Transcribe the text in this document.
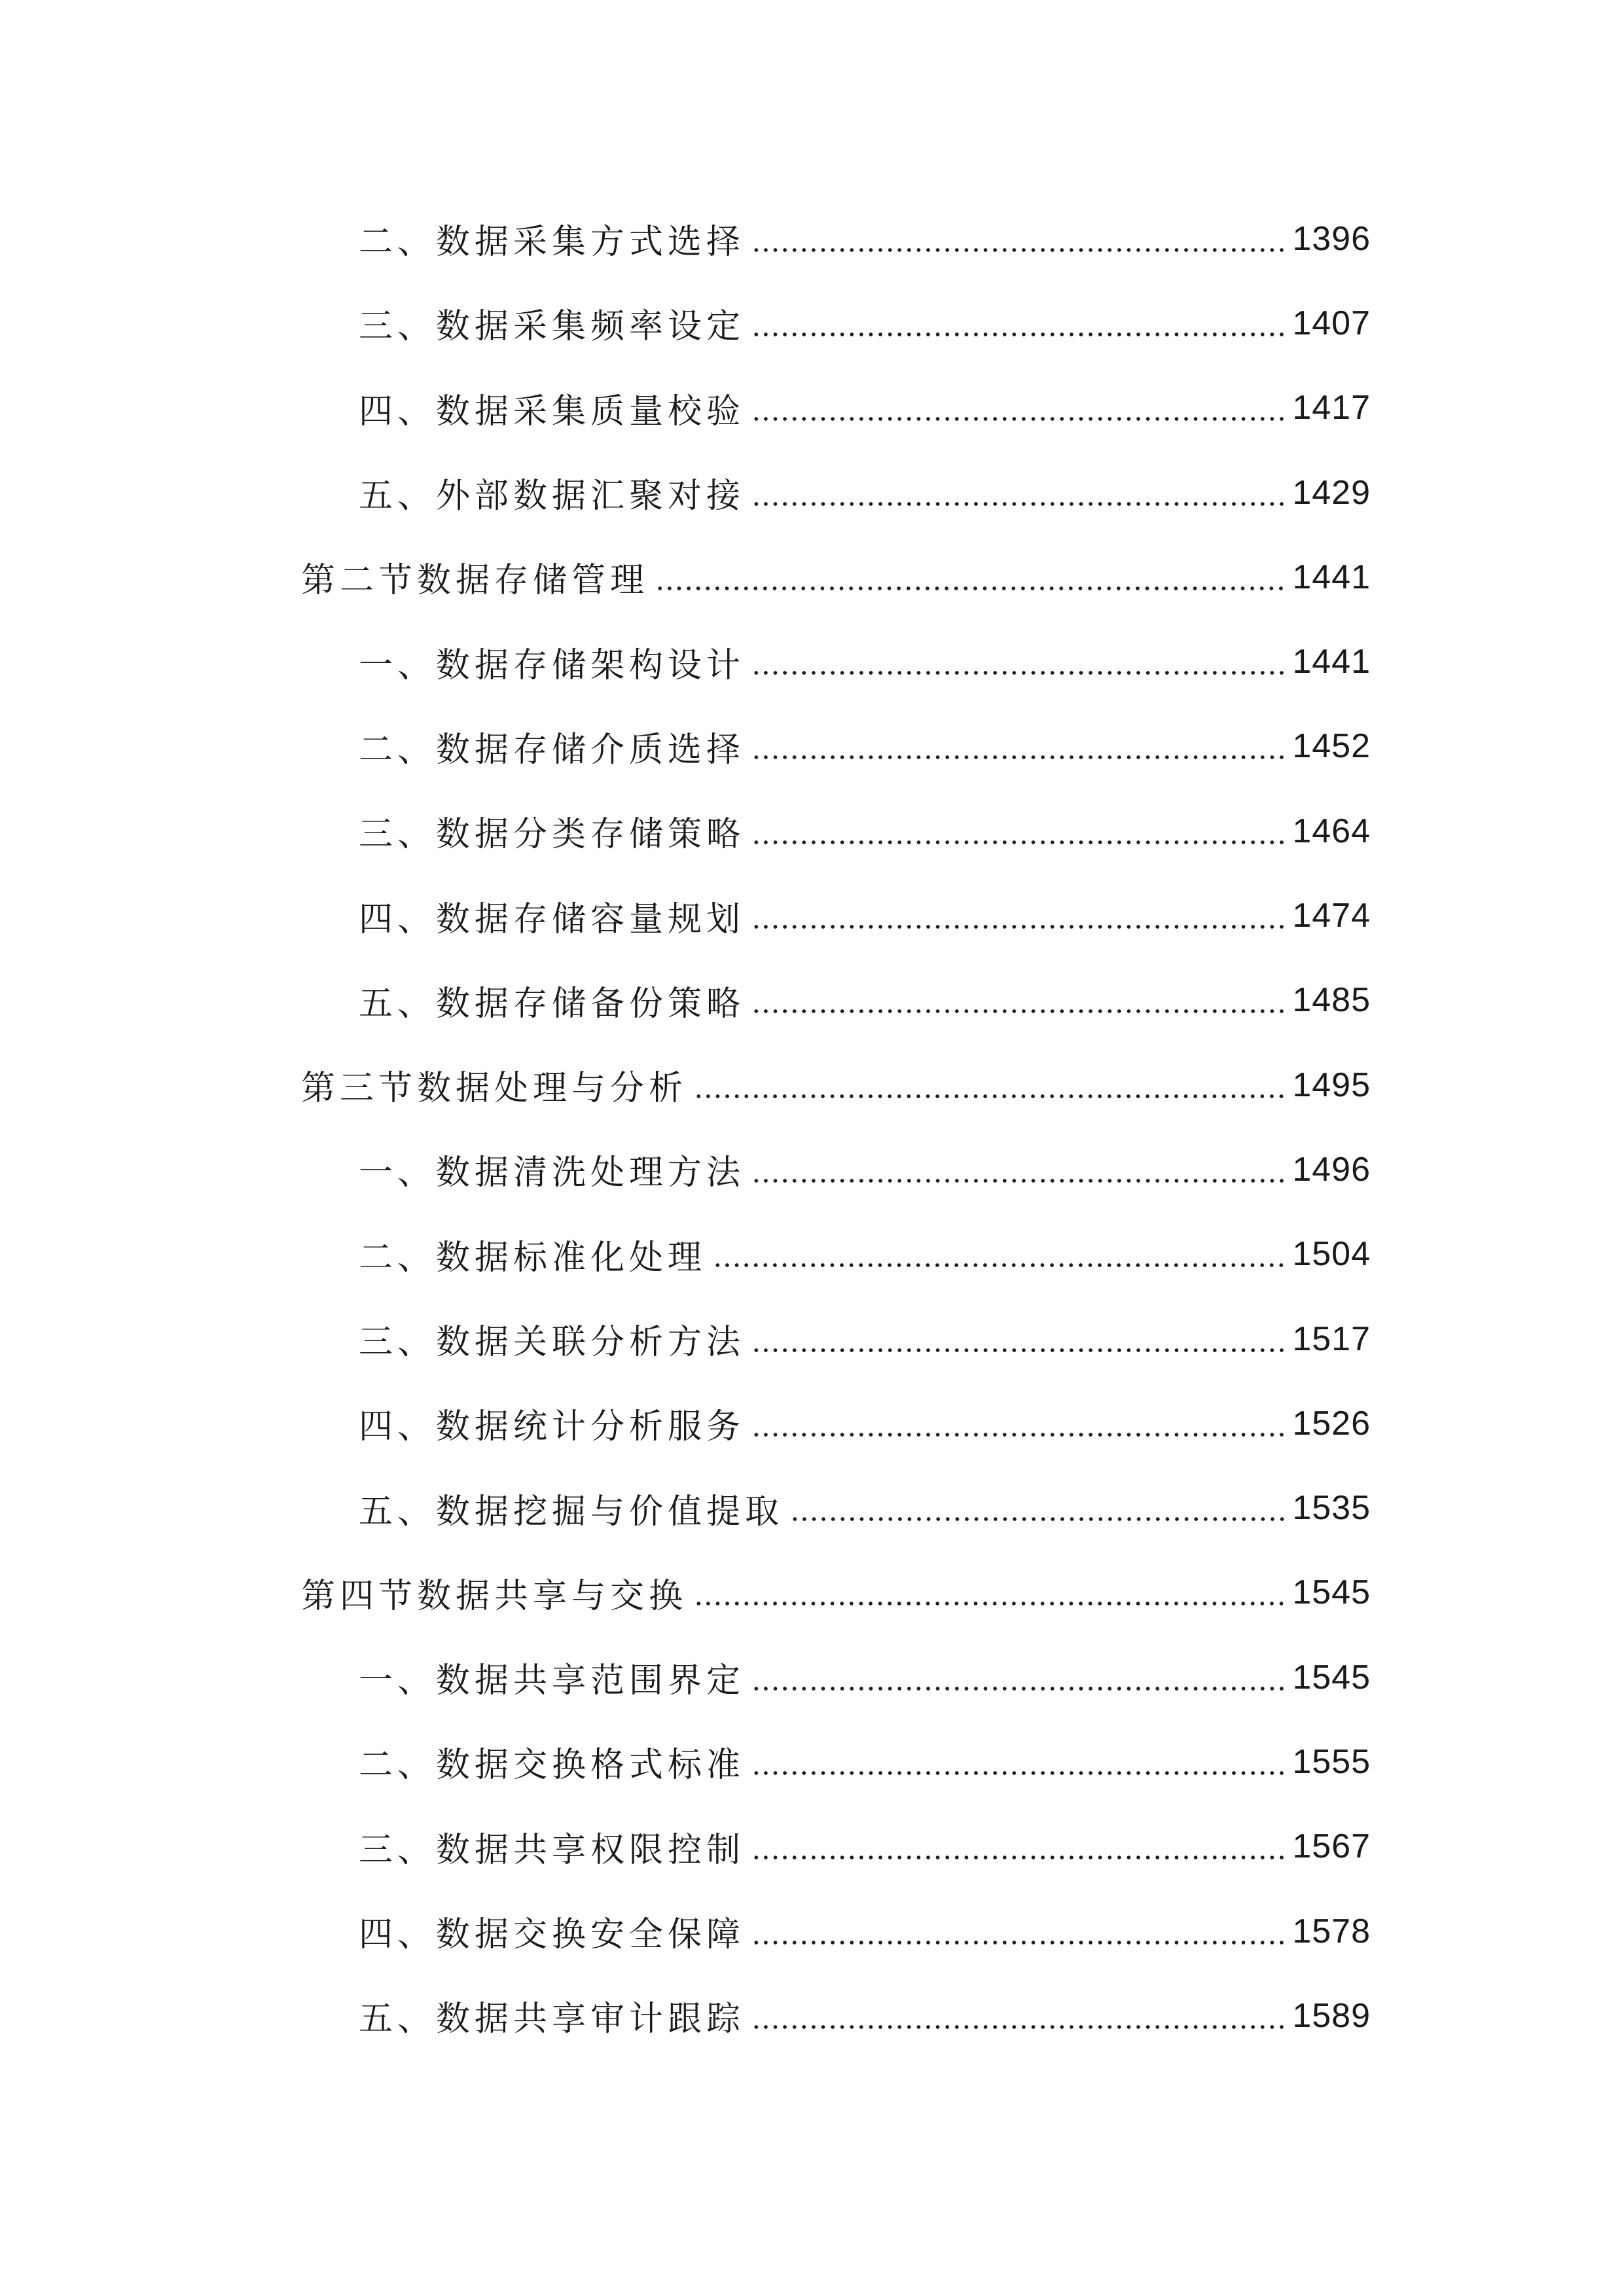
二、数据采集方式选择	1396
三、数据采集频率设定	1407
四、数据采集质量校验	1417
五、外部数据汇聚对接	1429
第二节数据存储管理	1441
一、数据存储架构设计	1441
二、数据存储介质选择	1452
三、数据分类存储策略	1464
四、数据存储容量规划	1474
五、数据存储备份策略	1485
第三节数据处理与分析	1495
一、数据清洗处理方法	1496
二、数据标准化处理	1504
三、数据关联分析方法	1517
四、数据统计分析服务	1526
五、数据挖掘与价值提取	1535
第四节数据共享与交换	1545
一、数据共享范围界定	1545
二、数据交换格式标准	1555
三、数据共享权限控制	1567
四、数据交换安全保障	1578
五、数据共享审计跟踪	1589
